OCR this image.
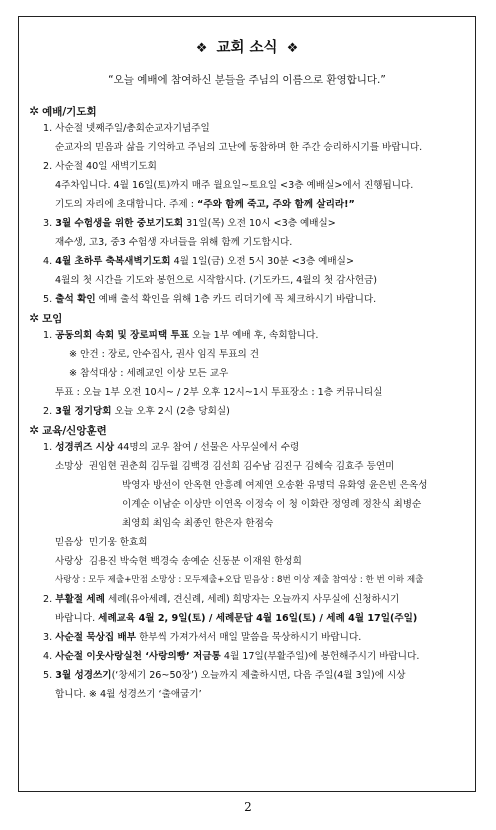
❖ 교회 소식 ❖
“오늘 예배에 참여하신 분들을 주님의 이름으로 환영합니다.”
✲ 예배/기도회
1. 사순절 넷째주일/총회순교자기념주일
순교자의 믿음과 삶을 기억하고 주님의 고난에 동참하며 한 주간 승리하시기를 바랍니다.
2. 사순절 40일 새벽기도회
4주차입니다. 4월 16일(토)까지 매주 월요일~토요일 <3층 예배실>에서 진행됩니다.
기도의 자리에 초대합니다. 주제 : “주와 함께 죽고, 주와 함께 살리라!”
3. 3월 수험생을 위한 중보기도회 31일(목) 오전 10시 <3층 예배실>
재수생, 고3, 중3 수험생 자녀들을 위해 함께 기도합시다.
4. 4월 초하루 축복새벽기도회 4월 1일(금) 오전 5시 30분 <3층 예배실>
4월의 첫 시간을 기도와 봉헌으로 시작합시다. (기도카드, 4월의 첫 감사헌금)
5. 출석 확인 예배 출석 확인을 위해 1층 카드 리더기에 꼭 체크하시기 바랍니다.
✲ 모임
1. 공동의회 속회 및 장로피택 투표 오늘 1부 예배 후, 속회합니다.
※ 안건 : 장로, 안수집사, 권사 임직 투표의 건
※ 참석대상 : 세례교인 이상 모든 교우
투표 : 오늘 1부 오전 10시~ / 2부 오후 12시~1시 투표장소 : 1층 커뮤니티실
2. 3월 정기당회 오늘 오후 2시 (2층 당회실)
✲ 교육/신앙훈련
1. 성경퀴즈 시상 44명의 교우 참여 / 선물은 사무실에서 수령
소망상 권임현 권춘희 김두월 김백경 김선희 김수남 김진구 김혜숙 김효주 등연미
박영자 방선이 안옥현 안흥례 여제연 오송환 유명덕 유화영 윤은빈 은옥성
이계순 이남순 이상만 이연옥 이정숙 이 청 이화란 정영례 정찬식 최병순
최영희 최임숙 최종인 한은자 한점숙
믿음상 민기웅 한효희
사랑상 김용진 박숙현 백경숙 송예순 신동분 이재원 한성희
사랑상 : 모두 제출+만점 소망상 : 모두제출+오답 믿음상 : 8번 이상 제출 참여상 : 한 번 이하 제출
2. 부활절 세례 세례(유아세례, 견신례, 세례) 희망자는 오늘까지 사무실에 신청하시기
바랍니다. 세례교육 4월 2, 9일(토) / 세례문답 4월 16일(토) / 세례 4월 17일(주일)
3. 사순절 묵상집 배부 한부씩 가져가셔서 매일 말씀을 묵상하시기 바랍니다.
4. 사순절 이웃사랑실천 ‘사랑의빵’ 저금통 4월 17일(부활주일)에 봉헌해주시기 바랍니다.
5. 3월 성경쓰기(‘창세기 26~50장’) 오늘까지 제출하시면, 다음 주일(4월 3일)에 시상
합니다. ※ 4월 성경쓰기 ‘출애굽기’
2
